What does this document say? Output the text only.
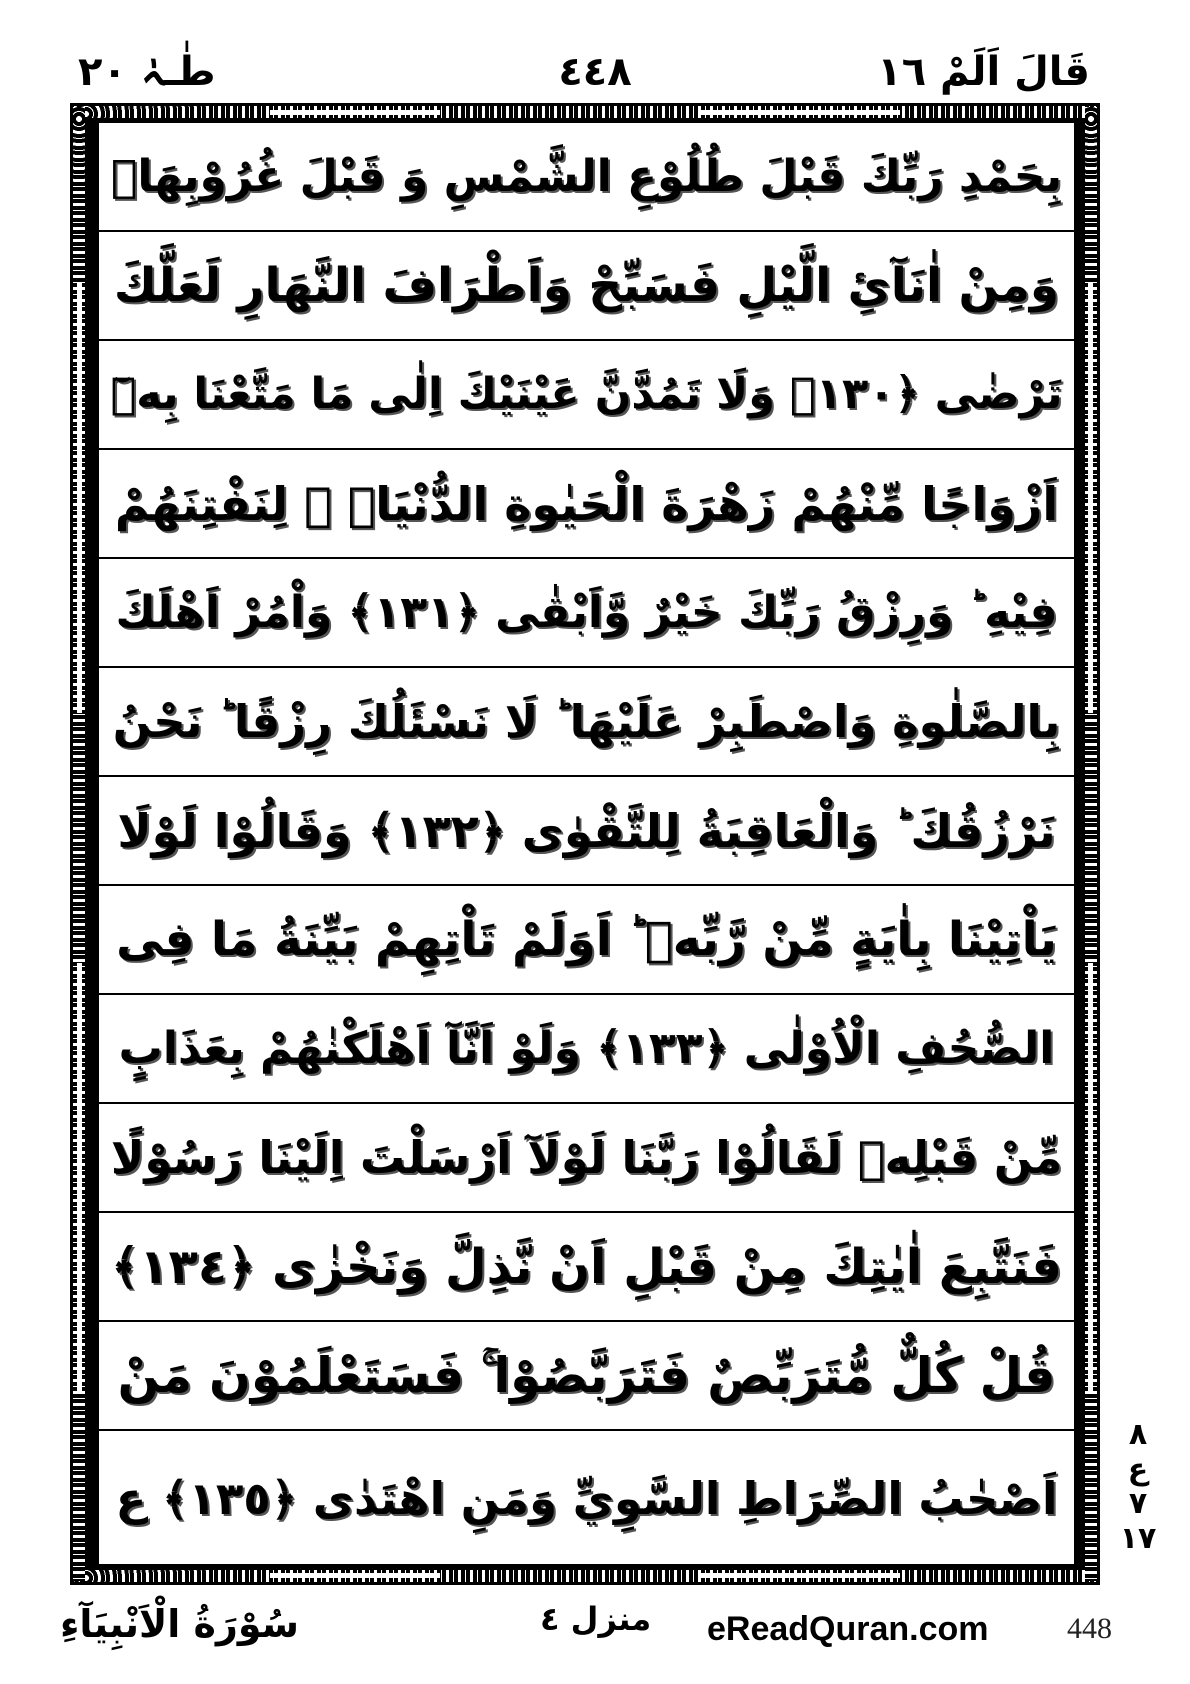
قَالَ اَلَمْ ١٦
٤٤٨
طٰـہٰ ٢٠
بِحَمْدِ رَبِّكَ قَبْلَ طُلُوْعِ الشَّمْسِ وَ قَبْلَ غُرُوْبِهَاۚ
وَمِنْ اٰنَآئِ الَّيْلِ فَسَبِّحْ وَاَطْرَافَ النَّهَارِ لَعَلَّكَ
تَرْضٰى ﴿١٣٠﴾ وَلَا تَمُدَّنَّ عَيْنَيْكَ اِلٰى مَا مَتَّعْنَا بِهٖٓ
اَزْوَاجًا مِّنْهُمْ زَهْرَةَ الْحَيٰوةِ الدُّنْيَا۬ ۙ لِنَفْتِنَهُمْ
فِيْهِ ؕ وَرِزْقُ رَبِّكَ خَيْرٌ وَّاَبْقٰى ﴿١٣١﴾ وَاْمُرْ اَهْلَكَ
بِالصَّلٰوةِ وَاصْطَبِرْ عَلَيْهَا ؕ لَا نَسْئَلُكَ رِزْقًا ؕ نَحْنُ
نَرْزُقُكَ ؕ وَالْعَاقِبَةُ لِلتَّقْوٰى ﴿١٣٢﴾ وَقَالُوْا لَوْلَا
يَاْتِيْنَا بِاٰيَةٍ مِّنْ رَّبِّهٖ ؕ اَوَلَمْ تَاْتِهِمْ بَيِّنَةُ مَا فِى
الصُّحُفِ الْاُوْلٰى ﴿١٣٣﴾ وَلَوْ اَنَّآ اَهْلَكْنٰهُمْ بِعَذَابٍ
مِّنْ قَبْلِهٖ لَقَالُوْا رَبَّنَا لَوْلَآ اَرْسَلْتَ اِلَيْنَا رَسُوْلًا
فَنَتَّبِعَ اٰيٰتِكَ مِنْ قَبْلِ اَنْ نَّذِلَّ وَنَخْزٰى ﴿١٣٤﴾
قُلْ كُلٌّ مُّتَرَبِّصٌ فَتَرَبَّصُوْا ۚ فَسَتَعْلَمُوْنَ مَنْ
اَصْحٰبُ الصِّرَاطِ السَّوِيِّ وَمَنِ اهْتَدٰى ﴿١٣٥﴾ ع
٨
ع
٧
١٧
سُوْرَةُ الْاَنْبِيَآءِ	منزل ٤ eReadQuran.com	448
